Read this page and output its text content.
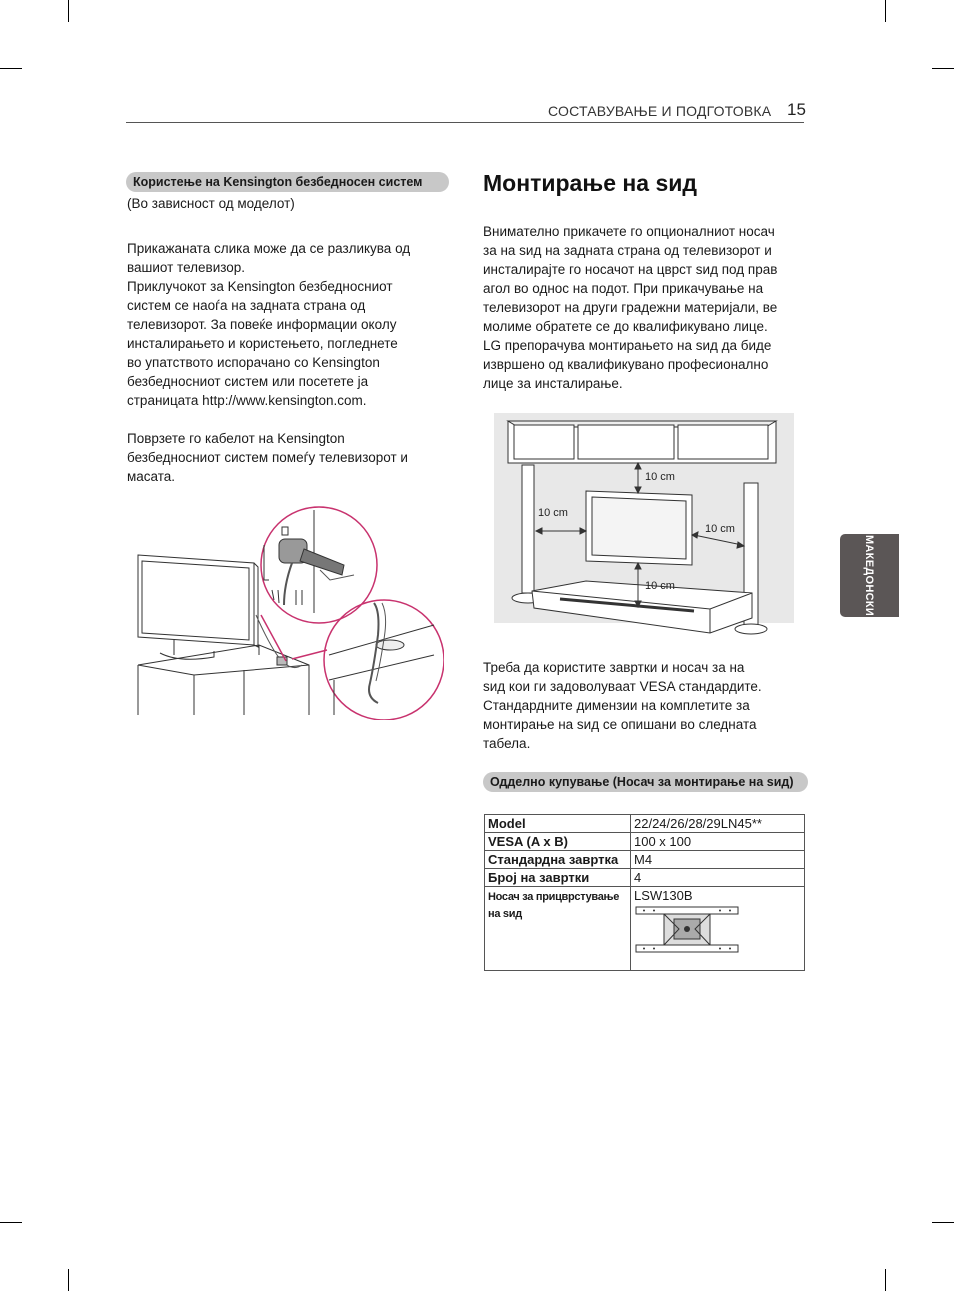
СОСТАВУВАЊЕ И ПОДГОТОВКА 15
МАКЕДОНСКИ
Користење на Kensington безбедносен систем
(Во зависност од моделот)

Прикажаната слика може да се разликува од

вашиот телевизор.

Приклучокот за Kensington безбедносниот

систем се наоѓа на задната страна од

телевизорот. За повеќе информации околу

инсталирањето и користењето, погледнете

во упатството испорачано со Kensington

безбедносниот систем или посетете ја

страницата http://www.kensington.com.

Поврзете го кабелот на Kensington

безбедносниот систем помеѓу телевизорот и

масата.

Монтирање на ѕид

Внимателно прикачете го опционалниот носач

за на ѕид на задната страна од телевизорот и

инсталирајте го носачот на цврст ѕид под прав

агол во однос на подот. При прикачување на

телевизорот на други градежни материјали, ве

молиме обратете се до квалификувано лице.

LG препорачува монтирањето на ѕид да биде

извршено од квалификувано професионално

лице за инсталирање.

10 cm
10 cm
10 cm
10 cm

Треба да користите завртки и носач за на

ѕид кои ги задоволуваат VESA стандардите.

Стандардните димензии на комплетите за

монтирање на ѕид се опишани во следната

табела.

Одделно купување (Носач за монтирање на ѕид)
Model	22/24/26/28/29LN45**
VESA (A x B)	100 x 100
Стандардна завртка	M4
Број на завртки	4
Носач за прицврстување на ѕид	LSW130B
